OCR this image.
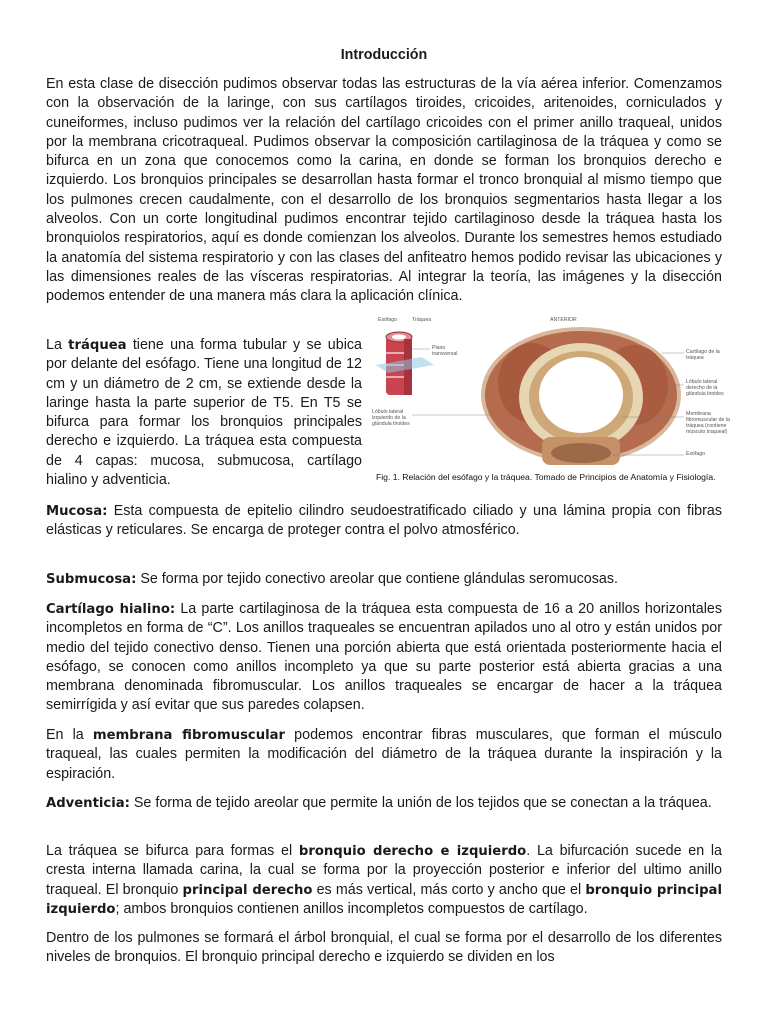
Introducción

En esta clase de disección pudimos observar todas las estructuras de la vía aérea inferior. Comenzamos con la observación de la laringe, con sus cartílagos tiroides, cricoides, aritenoides, corniculados y cuneiformes, incluso pudimos ver la relación del cartílago cricoides con el primer anillo traqueal, unidos por la membrana cricotraqueal. Pudimos observar la composición cartilaginosa de la tráquea y como se bifurca en un zona que conocemos como la carina, en donde se forman los bronquios derecho e izquierdo. Los bronquios principales se desarrollan hasta formar el tronco bronquial al mismo tiempo que los pulmones crecen caudalmente, con el desarrollo de los bronquios segmentarios hasta llegar a los alveolos. Con un corte longitudinal pudimos encontrar tejido cartilaginoso desde la tráquea hasta los bronquiolos respiratorios, aquí es donde comienzan los alveolos. Durante los semestres hemos estudiado la anatomía del sistema respiratorio y con las clases del anfiteatro hemos podido revisar las ubicaciones y las dimensiones reales de las vísceras respiratorias. Al integrar la teoría, las imágenes y la disección podemos entender de una manera más clara la aplicación clínica.

La tráquea tiene una forma tubular y se ubica por delante del esófago. Tiene una longitud de 12 cm y un diámetro de 2 cm, se extiende desde la laringe hasta la parte superior de T5. En T5 se bifurca para formar los bronquios principales derecho e izquierdo. La tráquea esta compuesta de 4 capas: mucosa, submucosa, cartílago hialino y adventicia.

Esófago	Tráquea
Plano transversal
Lóbulo lateral izquierdo de la glándula tiroides
ANTERIOR
Cartílago de la tráquea
Lóbulo lateral derecho de la glándula tiroides
Membrana fibromuscular de la tráquea (contiene músculo traqueal)
Esófago
Fig. 1. Relación del esófago y la tráquea. Tomado de Principios de Anatomía y Fisiología.

Mucosa: Esta compuesta de epitelio cilindro seudoestratificado ciliado y una lámina propia con fibras elásticas y reticulares. Se encarga de proteger contra el polvo atmosférico.

Submucosa: Se forma por tejido conectivo areolar que contiene glándulas seromucosas.

Cartílago hialino: La parte cartilaginosa de la tráquea esta compuesta de 16 a 20 anillos horizontales incompletos en forma de “C”. Los anillos traqueales se encuentran apilados uno al otro y están unidos por medio del tejido conectivo denso. Tienen una porción abierta que está orientada posteriormente hacia el esófago, se conocen como anillos incompleto ya que su parte posterior está abierta gracias a una membrana denominada fibromuscular. Los anillos traqueales se encargar de hacer a la tráquea semirrígida y así evitar que sus paredes colapsen.

En la membrana fibromuscular podemos encontrar fibras musculares, que forman el músculo traqueal, las cuales permiten la modificación del diámetro de la tráquea durante la inspiración y la espiración.

Adventicia: Se forma de tejido areolar que permite la unión de los tejidos que se conectan a la tráquea.

La tráquea se bifurca para formas el bronquio derecho e izquierdo. La bifurcación sucede en la cresta interna llamada carina, la cual se forma por la proyección posterior e inferior del ultimo anillo traqueal. El bronquio principal derecho es más vertical, más corto y ancho que el bronquio principal izquierdo; ambos bronquios contienen anillos incompletos compuestos de cartílago.

Dentro de los pulmones se formará el árbol bronquial, el cual se forma por el desarrollo de los diferentes niveles de bronquios. El bronquio principal derecho e izquierdo se dividen en los
